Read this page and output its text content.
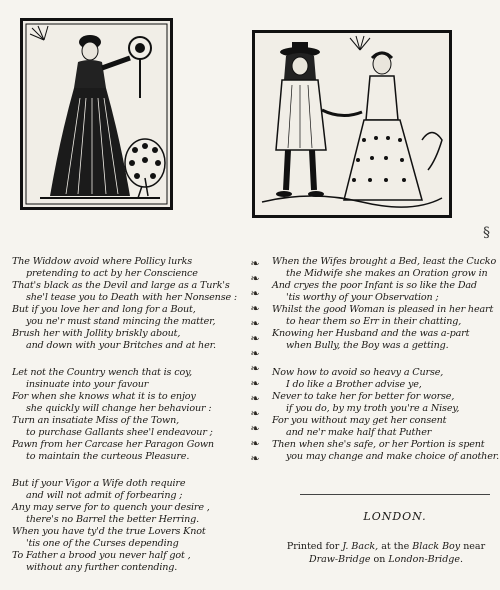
The Widdow avoid where Pollicy lurks
pretending to act by her Conscience
That's black as the Devil and large as a Turk's
she'l tease you to Death with her Nonsense :
But if you love her and long for a Bout,
you ne'r must stand mincing the matter,
Brush her with Jollity briskly about,
and down with your Britches and at her.
Let not the Country wench that is coy,
insinuate into your favour
For when she knows what it is to enjoy
she quickly will change her behaviour :
Turn an insatiate Miss of the Town,
to purchase Gallants shee'l endeavour ;
Pawn from her Carcase her Paragon Gown
to maintain the curteous Pleasure.
But if your Vigor a Wife doth require
and will not admit of forbearing ;
Any may serve for to quench your desire ,
there's no Barrel the better Herring.
When you have ty'd the true Lovers Knot
'tis one of the Curses depending
To Father a brood you never half got ,
without any further contending.
❧
❧
❧
❧
❧
❧
❧
❧
❧
❧
❧
❧
❧
❧
When the Wifes brought a Bed, least the Cucko
the Midwife she makes an Oration grow in
And cryes the poor Infant is so like the Dad
'tis worthy of your Observation ;
Whilst the good Woman is pleased in her heart
to hear them so Err in their chatting,
Knowing her Husband and the was a-part
when Bully, the Boy was a getting.
Now how to avoid so heavy a Curse,
I do like a Brother advise ye,
Never to take her for better for worse,
if you do, by my troth you're a Nisey,
For you without may get her consent
and ne'r make half that Puther
Then when she's safe, or her Portion is spent
you may change and make choice of another.
LONDON.
Printed for J. Back, at the Black Boy near
Draw-Bridge on London-Bridge.
§
